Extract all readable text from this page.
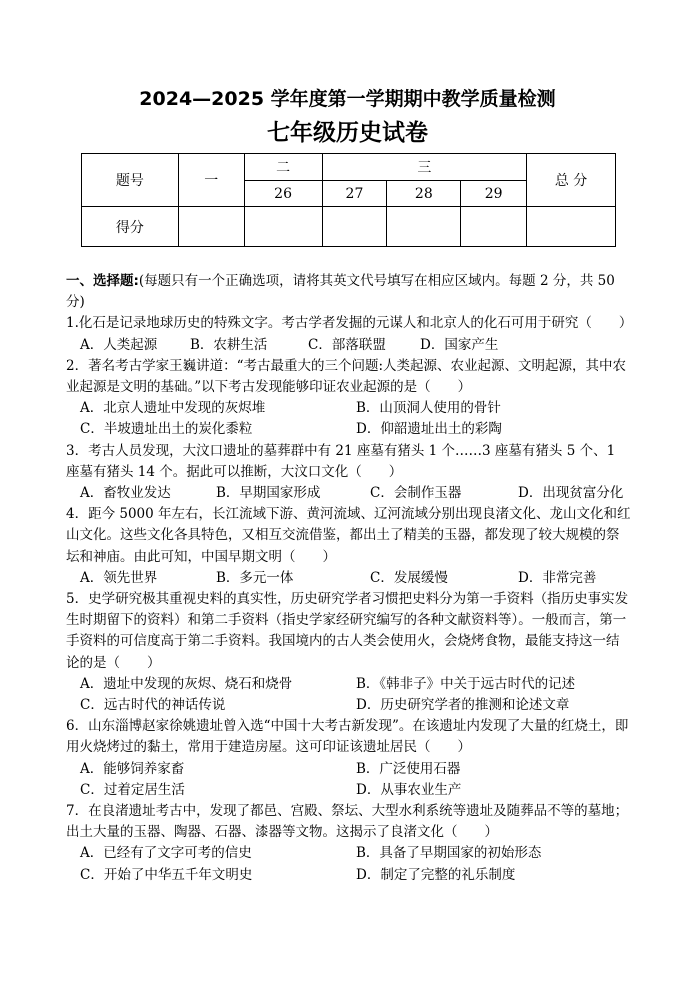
2024—2025 学年度第一学期期中教学质量检测
七年级历史试卷
题号	一	二	三			总 分
		26	27	28	29	
得分						

一、选择题:(每题只有一个正确选项，请将其英文代号填写在相应区域内。每题 2 分，共 50 分)

1.化石是记录地球历史的特殊文字。考古学者发掘的元谋人和北京人的化石可用于研究（　　）

A．人类起源	B．农耕生活	C．部落联盟	D．国家产生

2．著名考古学家王巍讲道：“考古最重大的三个问题:人类起源、农业起源、文明起源，其中农业起源是文明的基础。”以下考古发现能够印证农业起源的是（　　）

A．北京人遗址中发现的灰烬堆	B．山顶洞人使用的骨针
C．半坡遗址出土的炭化黍粒	D．仰韶遗址出土的彩陶

3．考古人员发现，大汶口遗址的墓葬群中有 21 座墓有猪头 1 个……3 座墓有猪头 5 个、1 座墓有猪头 14 个。据此可以推断，大汶口文化（　　）

A．畜牧业发达	B．早期国家形成	C．会制作玉器	D．出现贫富分化

4．距今 5000 年左右，长江流域下游、黄河流域、辽河流域分别出现良渚文化、龙山文化和红山文化。这些文化各具特色，又相互交流借鉴，都出土了精美的玉器，都发现了较大规模的祭坛和神庙。由此可知，中国早期文明（　　）

A．领先世界	B．多元一体	C．发展缓慢	D．非常完善

5．史学研究极其重视史料的真实性，历史研究学者习惯把史料分为第一手资料（指历史事实发生时期留下的资料）和第二手资料（指史学家经研究编写的各种文献资料等）。一般而言，第一手资料的可信度高于第二手资料。我国境内的古人类会使用火，会烧烤食物，最能支持这一结论的是（　　）

A．遗址中发现的灰烬、烧石和烧骨	B．《韩非子》中关于远古时代的记述
C．远古时代的神话传说	D．历史研究学者的推测和论述文章

6．山东淄博赵家徐姚遗址曾入选“中国十大考古新发现”。在该遗址内发现了大量的红烧土，即用火烧烤过的黏土，常用于建造房屋。这可印证该遗址居民（　　）

A．能够饲养家畜	B．广泛使用石器
C．过着定居生活	D．从事农业生产

7．在良渚遗址考古中，发现了都邑、宫殿、祭坛、大型水利系统等遗址及随葬品不等的墓地；出土大量的玉器、陶器、石器、漆器等文物。这揭示了良渚文化（　　）

A．已经有了文字可考的信史	B．具备了早期国家的初始形态
C．开始了中华五千年文明史	D．制定了完整的礼乐制度
